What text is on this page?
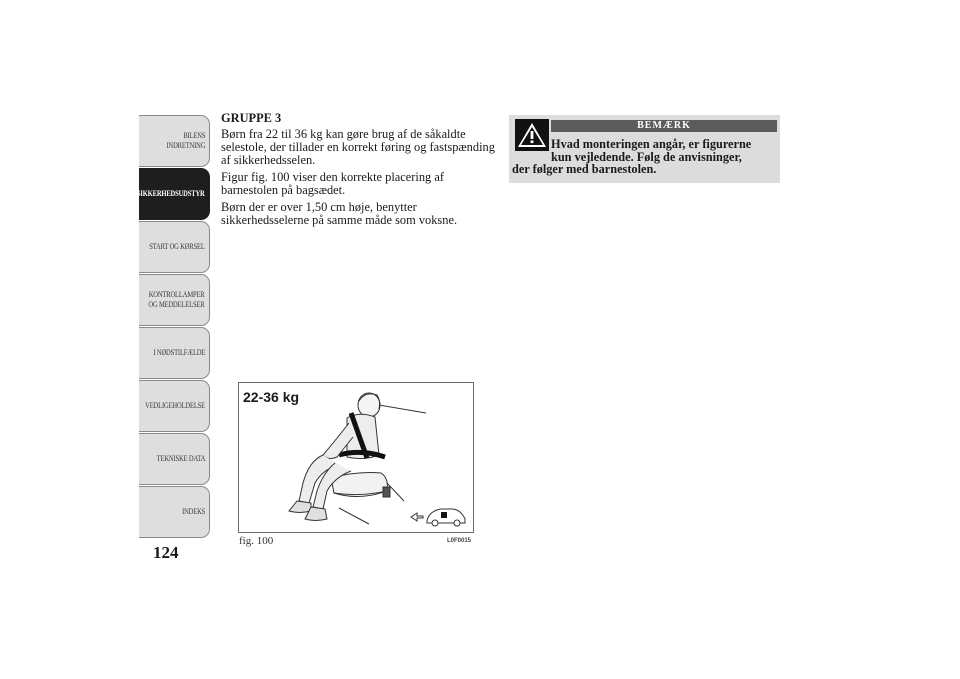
BILENS
INDRETNING
SIKKERHEDSUDSTYR
START OG KØRSEL
KONTROLLAMPER
OG MEDDELELSER
I NØDSTILFÆLDE
VEDLIGEHOLDELSE
TEKNISKE DATA
INDEKS
124

GRUPPE 3

Børn fra 22 til 36 kg kan gøre brug af de såkaldte selestole, der tillader en korrekt føring og fastspænding af sikkerhedsselen.

Figur fig. 100 viser den korrekte placering af barnestolen på bagsædet.

Børn der er over 1,50 cm høje, benytter sikkerhedsselerne på samme måde som voksne.

BEMÆRK
Hvad monteringen angår, er figurerne
kun vejledende. Følg de anvisninger,
der følger med barnestolen.
22-36 kg
fig. 100	L0F0015
